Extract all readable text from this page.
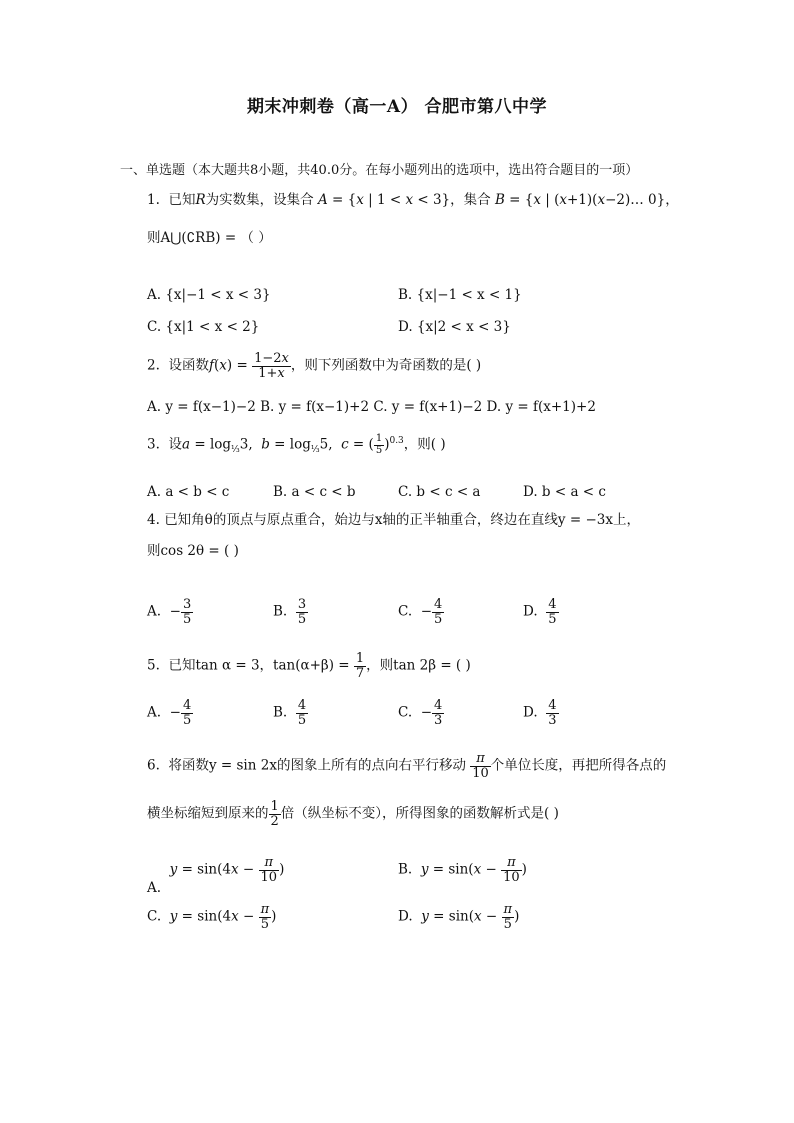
期末冲刺卷（高一A） 合肥市第八中学
一、单选题（本大题共8小题，共40.0分。在每小题列出的选项中，选出符合题目的一项）
1. 已知R为实数集，设集合 A = {x | 1 < x < 3}，集合 B = {x | (x+1)(x−2)… 0}，
则A⋃(∁RB) = （ ）
A. {x|−1 < x < 3}	B. {x|−1 < x < 1}
C. {x|1 < x < 2}	D. {x|2 < x < 3}
2. 设函数$f(x) = \frac{1-2x}{1+x}$ ，则下列函数中为奇函数的是( )
A. y = f(x−1)−2 B. y = f(x−1)+2 C. y = f(x+1)−2 D. y = f(x+1)+2
3. 设$a = \log_{\frac{1}{3}}3$,  $b = \log_{\frac{1}{3}}5$,  c = ( $\frac{1}{5} )^{0.3}$，则( )
A. a < b < c	B. a < c < b	C. b < c < a	D. b < a < c
4. 已知角θ的顶点与原点重合，始边与x轴的正半轴重合，终边在直线y = −3x上，
则cos 2θ = ( )
A.  − $\frac{3}{5}$	B. $\frac{3}{5}$	C.  − $\frac{4}{5}$	D. $\frac{4}{5}$
5. 已知tan α = 3，$\tan(\alpha+\beta) = \frac{1}{7}$ ，则tan 2β = ( )
A.  − $\frac{4}{5}$	B. $\frac{4}{5}$	C.  − $\frac{4}{3}$	D. $\frac{4}{3}$
6. 将函数y = sin 2x的图象上所有的点向右平行移动 $\frac{\pi}{10}$ 个单位长度，再把所得各点的
横坐标缩短到原来的 $\frac{1}{2}$ 倍（纵坐标不变），所得图象的函数解析式是( )
A.  $y = \sin(4x - \frac{\pi}{10}$ )	B. $y = \sin(x - \frac{\pi}{10}$ )
C. $y = \sin(4x - \frac{\pi}{5}$ )	D. $y = \sin(x - \frac{\pi}{5}$ )
